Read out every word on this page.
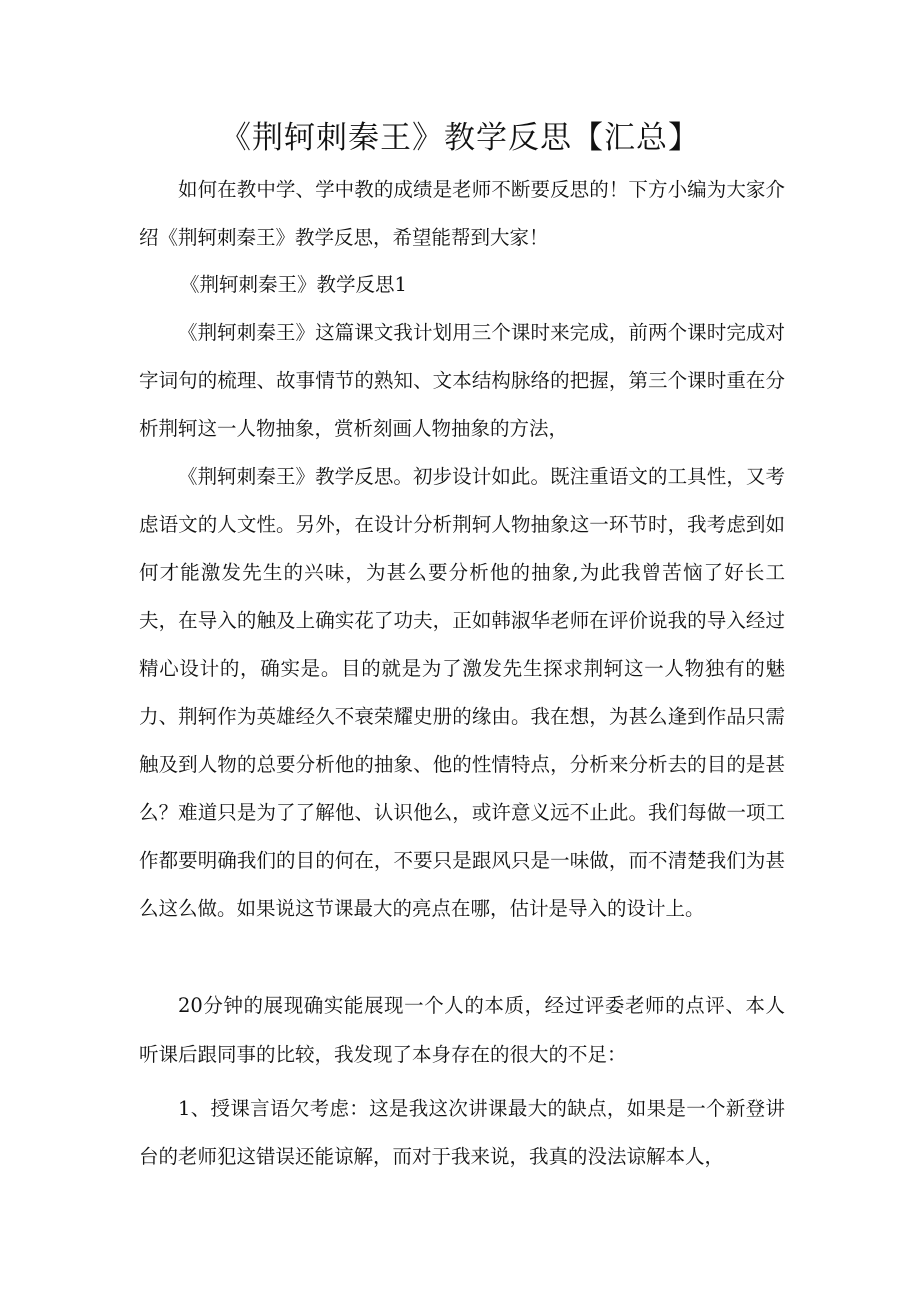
《荆轲刺秦王》教学反思【汇总】

如何在教中学、学中教的成绩是老师不断要反思的！下方小编为大家介绍《荆轲刺秦王》教学反思，希望能帮到大家！

《荆轲刺秦王》教学反思1

《荆轲刺秦王》这篇课文我计划用三个课时来完成，前两个课时完成对字词句的梳理、故事情节的熟知、文本结构脉络的把握，第三个课时重在分析荆轲这一人物抽象，赏析刻画人物抽象的方法，

《荆轲刺秦王》教学反思。初步设计如此。既注重语文的工具性，又考虑语文的人文性。另外，在设计分析荆轲人物抽象这一环节时，我考虑到如何才能激发先生的兴味，为甚么要分析他的抽象,为此我曾苦恼了好长工夫，在导入的触及上确实花了功夫，正如韩淑华老师在评价说我的导入经过精心设计的，确实是。目的就是为了激发先生探求荆轲这一人物独有的魅力、荆轲作为英雄经久不衰荣耀史册的缘由。我在想，为甚么逢到作品只需触及到人物的总要分析他的抽象、他的性情特点，分析来分析去的目的是甚么？难道只是为了了解他、认识他么，或许意义远不止此。我们每做一项工作都要明确我们的目的何在，不要只是跟风只是一味做，而不清楚我们为甚么这么做。如果说这节课最大的亮点在哪，估计是导入的设计上。

20分钟的展现确实能展现一个人的本质，经过评委老师的点评、本人听课后跟同事的比较，我发现了本身存在的很大的不足：

1、授课言语欠考虑：这是我这次讲课最大的缺点，如果是一个新登讲台的老师犯这错误还能谅解，而对于我来说，我真的没法谅解本人，
